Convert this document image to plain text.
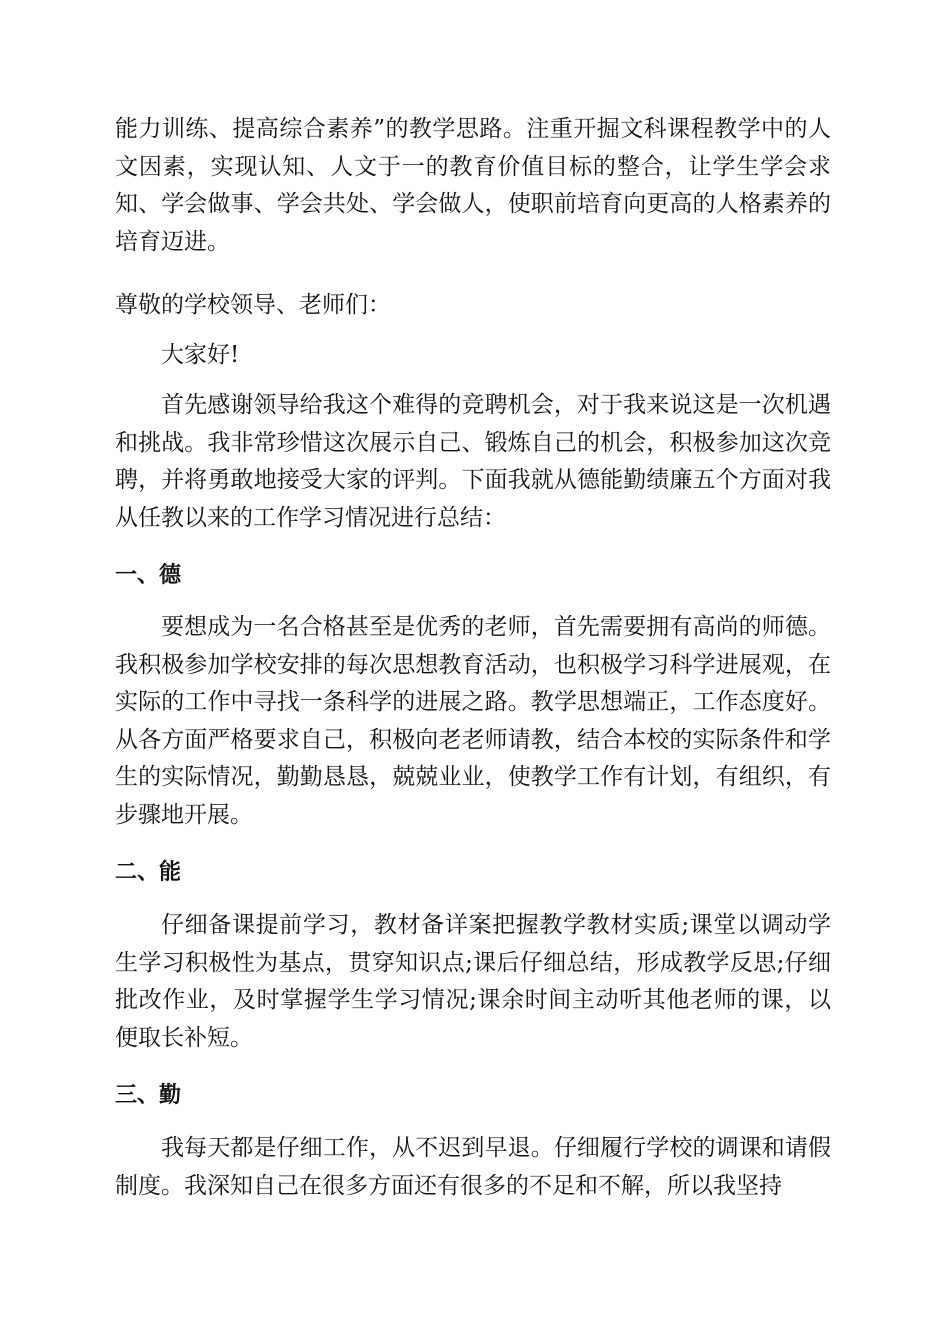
能力训练、提高综合素养”的教学思路。注重开掘文科课程教学中的人文因素，实现认知、人文于一的教育价值目标的整合，让学生学会求知、学会做事、学会共处、学会做人，使职前培育向更高的人格素养的培育迈进。

尊敬的学校领导、老师们：

大家好!

首先感谢领导给我这个难得的竞聘机会，对于我来说这是一次机遇和挑战。我非常珍惜这次展示自己、锻炼自己的机会，积极参加这次竞聘，并将勇敢地接受大家的评判。下面我就从德能勤绩廉五个方面对我从任教以来的工作学习情况进行总结：

一、德

要想成为一名合格甚至是优秀的老师，首先需要拥有高尚的师德。我积极参加学校安排的每次思想教育活动，也积极学习科学进展观，在实际的工作中寻找一条科学的进展之路。教学思想端正，工作态度好。从各方面严格要求自己，积极向老老师请教，结合本校的实际条件和学生的实际情况，勤勤恳恳，兢兢业业，使教学工作有计划，有组织，有步骤地开展。

二、能

仔细备课提前学习，教材备详案把握教学教材实质;课堂以调动学生学习积极性为基点，贯穿知识点;课后仔细总结，形成教学反思;仔细批改作业，及时掌握学生学习情况;课余时间主动听其他老师的课，以便取长补短。

三、勤

我每天都是仔细工作，从不迟到早退。仔细履行学校的调课和请假制度。我深知自己在很多方面还有很多的不足和不解，所以我坚持
